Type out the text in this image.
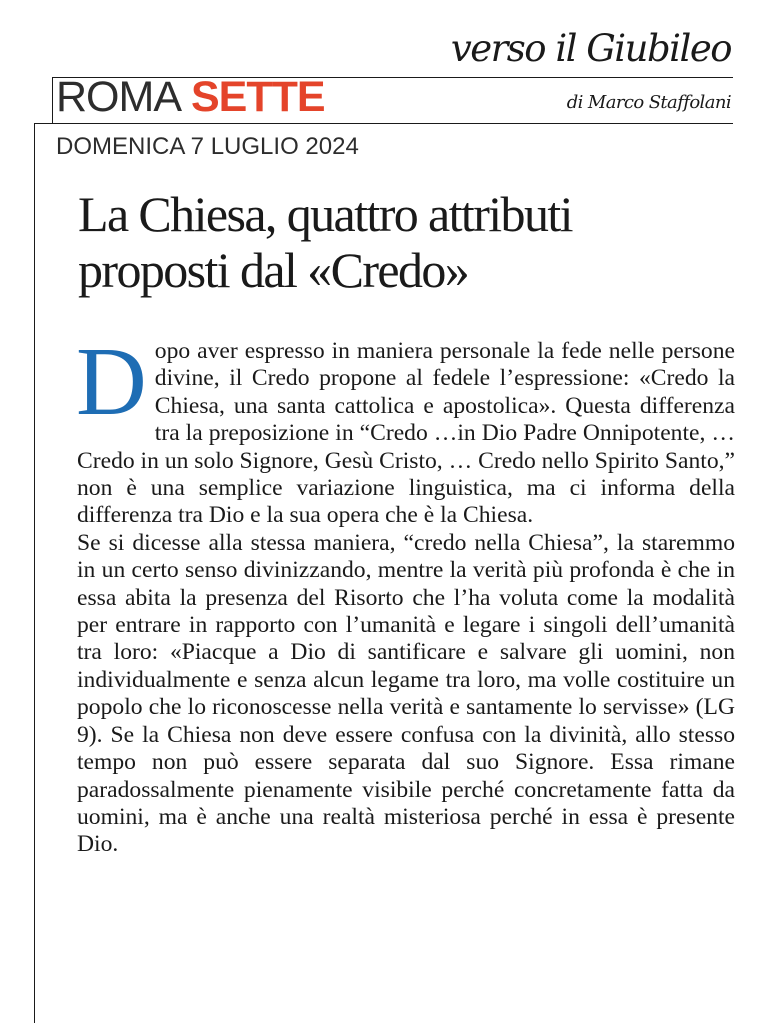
verso il Giubileo
ROMA SETTE	di Marco Staffolani
DOMENICA 7 LUGLIO 2024
La Chiesa, quattro attributi
proposti dal «Credo»

Dopo aver espresso in maniera personale la fede nelle persone divine, il Credo propone al fedele l’espressione: «Credo la Chiesa, una santa cattolica e apostolica». Questa differenza tra la preposizione in “Credo …in Dio Padre Onnipotente, … Credo in un solo Signore, Gesù Cristo, … Credo nello Spirito Santo,” non è una semplice variazione linguistica, ma ci informa della differenza tra Dio e la sua opera che è la Chiesa.

Se si dicesse alla stessa maniera, “credo nella Chiesa”, la staremmo in un certo senso divinizzando, mentre la verità più profonda è che in essa abita la presenza del Risorto che l’ha voluta come la modalità per entrare in rapporto con l’umanità e legare i singoli dell’umanità tra loro: «Piacque a Dio di santificare e salvare gli uomini, non individualmente e senza alcun legame tra loro, ma volle costituire un popolo che lo riconoscesse nella verità e santamente lo servisse» (LG 9). Se la Chiesa non deve essere confusa con la divinità, allo stesso tempo non può essere separata dal suo Signore. Essa rimane paradossalmente pienamente visibile perché concretamente fatta da uomini, ma è anche una realtà misteriosa perché in essa è presente Dio.
